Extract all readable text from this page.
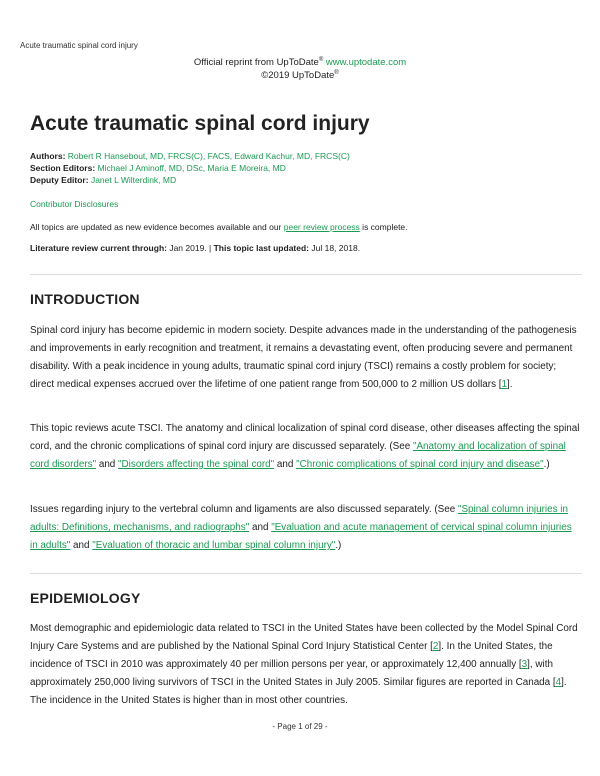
Acute traumatic spinal cord injury
Official reprint from UpToDate® www.uptodate.com
©2019 UpToDate®
Acute traumatic spinal cord injury
Authors: Robert R Hansebout, MD, FRCS(C), FACS, Edward Kachur, MD, FRCS(C)
Section Editors: Michael J Aminoff, MD, DSc, Maria E Moreira, MD
Deputy Editor: Janet L Wilterdink, MD
Contributor Disclosures
All topics are updated as new evidence becomes available and our peer review process is complete.
Literature review current through: Jan 2019. | This topic last updated: Jul 18, 2018.
INTRODUCTION

Spinal cord injury has become epidemic in modern society. Despite advances made in the understanding of the pathogenesis and improvements in early recognition and treatment, it remains a devastating event, often producing severe and permanent disability. With a peak incidence in young adults, traumatic spinal cord injury (TSCI) remains a costly problem for society; direct medical expenses accrued over the lifetime of one patient range from 500,000 to 2 million US dollars [1].

This topic reviews acute TSCI. The anatomy and clinical localization of spinal cord disease, other diseases affecting the spinal cord, and the chronic complications of spinal cord injury are discussed separately. (See "Anatomy and localization of spinal cord disorders" and "Disorders affecting the spinal cord" and "Chronic complications of spinal cord injury and disease".)

Issues regarding injury to the vertebral column and ligaments are also discussed separately. (See "Spinal column injuries in adults: Definitions, mechanisms, and radiographs" and "Evaluation and acute management of cervical spinal column injuries in adults" and "Evaluation of thoracic and lumbar spinal column injury".)

EPIDEMIOLOGY

Most demographic and epidemiologic data related to TSCI in the United States have been collected by the Model Spinal Cord Injury Care Systems and are published by the National Spinal Cord Injury Statistical Center [2]. In the United States, the incidence of TSCI in 2010 was approximately 40 per million persons per year, or approximately 12,400 annually [3], with approximately 250,000 living survivors of TSCI in the United States in July 2005. Similar figures are reported in Canada [4]. The incidence in the United States is higher than in most other countries.

- Page 1 of 29 -
